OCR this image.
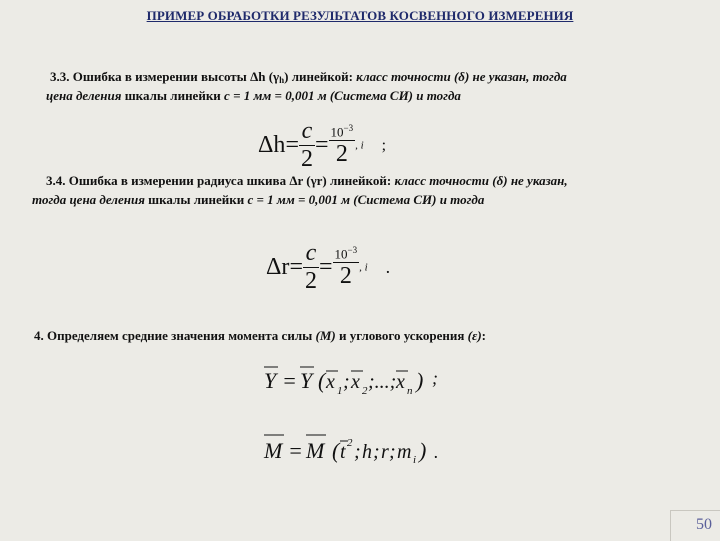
ПРИМЕР ОБРАБОТКИ РЕЗУЛЬТАТОВ КОСВЕННОГО ИЗМЕРЕНИЯ
3.3. Ошибка в измерении высоты Δh (γh) линейкой: класс точности (δ) не указан, тогда
цена деления шкалы линейки с = 1 мм = 0,001 м (Система СИ) и тогда
$\Delta h= \frac{c}{2} = \frac{10^{-3}}{2}$ , i ;
3.4. Ошибка в измерении радиуса шкива Δr (γr) линейкой: класс точности (δ) не указан,
тогда цена деления шкалы линейки с = 1 мм = 0,001 м (Система СИ) и тогда
$\Delta r= \frac{c}{2} = \frac{10^{-3}}{2}$ , i .
4. Определяем средние значения момента силы (М) и углового ускорения (ε):
Y = Y ( x 1 ; x 2 ;...; x n ) ;
M = M ( t 2 ; h ; r ; m i ) .
50
